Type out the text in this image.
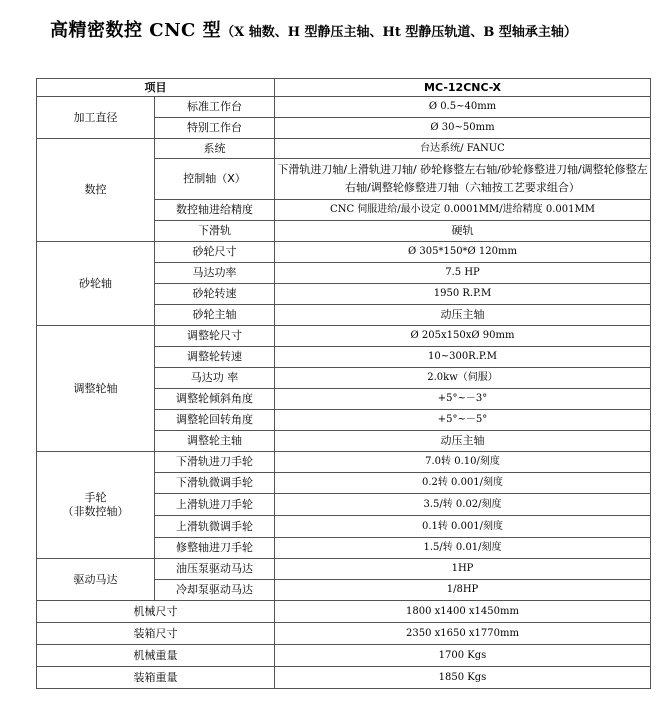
高精密数控 CNC 型（X 轴数、H 型静压主轴、Ht 型静压轨道、B 型轴承主轴）
项目		MC-12CNC-X
加工直径	标准工作台	Ø 0.5~40mm
	特别工作台	Ø 30~50mm
数控	系统	台达系统/ FANUC
	控制轴（X）	下滑轨进刀轴/上滑轨进刀轴/ 砂轮修整左右轴/砂轮修整进刀轴/调整轮修整左右轴/调整轮修整进刀轴（六轴按工艺要求组合）
	数控轴进给精度	CNC 伺服进给/最小设定 0.0001MM/进给精度 0.001MM
	下滑轨	硬轨
砂轮轴	砂轮尺寸	Ø 305*150*Ø 120mm
	马达功率	7.5 HP
	砂轮转速	1950 R.P.M
	砂轮主轴	动压主轴
调整轮轴	调整轮尺寸	Ø 205x150xØ 90mm
	调整轮转速	10~300R.P.M
	马达功 率	2.0kw（伺服）
	调整轮倾斜角度	+5°~－3°
	调整轮回转角度	+5°~－5°
	调整轮主轴	动压主轴

手轮
（非数控轴）	下滑轨进刀手轮	7.0转 0.10/刻度
	下滑轨微调手轮	0.2转 0.001/刻度
	上滑轨进刀手轮	3.5/转 0.02/刻度
	上滑轨微调手轮	0.1转 0.001/刻度
	修整轴进刀手轮	1.5/转 0.01/刻度
驱动马达	油压泵驱动马达	1HP
	冷却泵驱动马达	1/8HP
机械尺寸		1800 x1400 x1450mm
装箱尺寸		2350 x1650 x1770mm
机械重量		1700 Kgs
装箱重量		1850 Kgs
